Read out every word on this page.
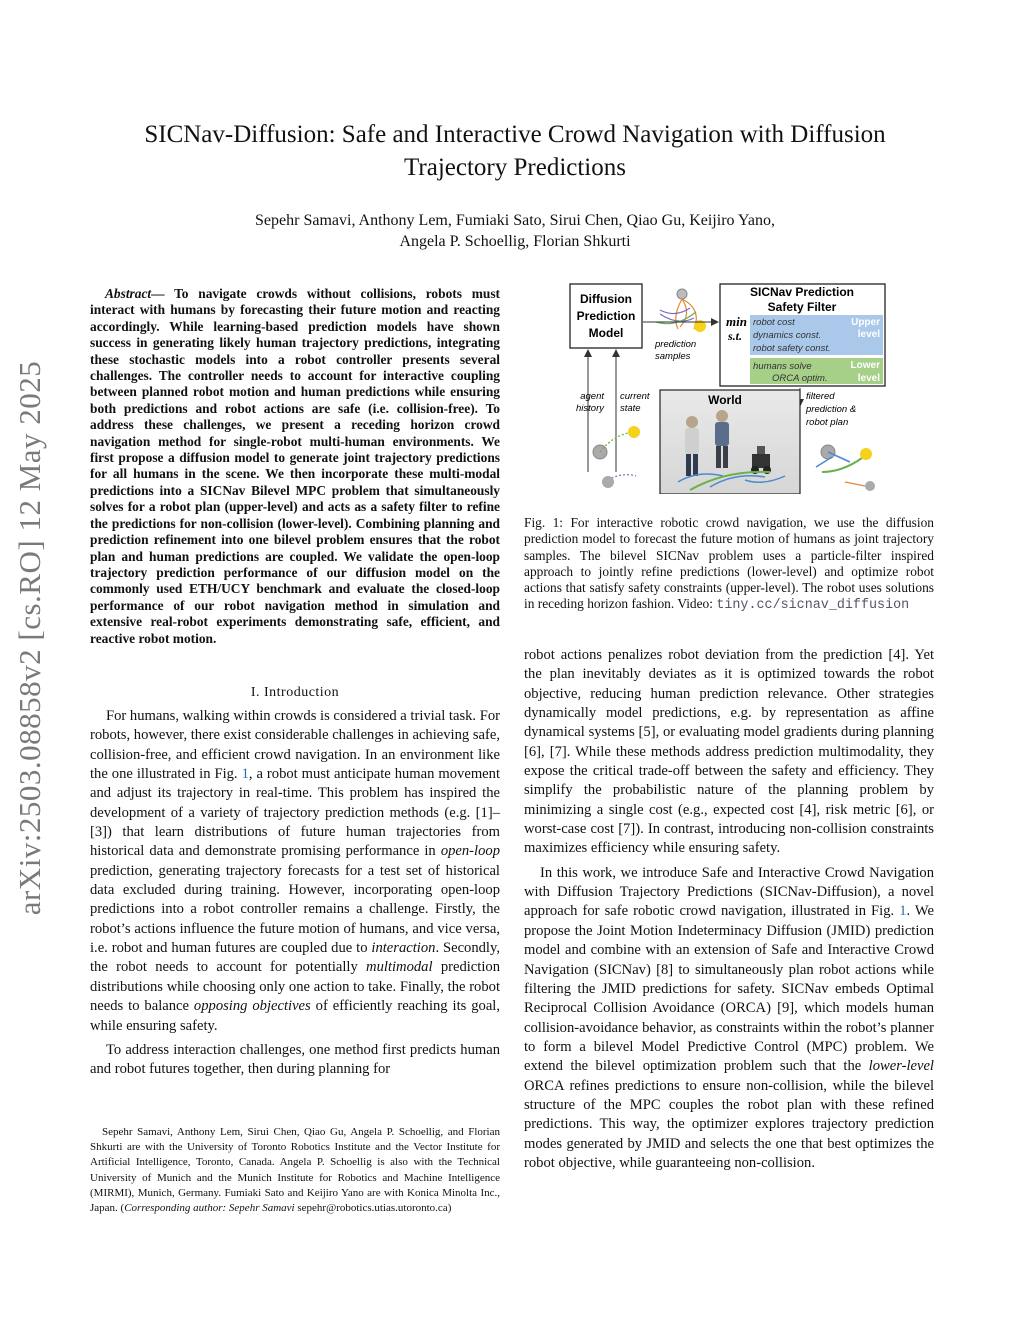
arXiv:2503.08858v2 [cs.RO] 12 May 2025
SICNav-Diffusion: Safe and Interactive Crowd Navigation with Diffusion Trajectory Predictions
Sepehr Samavi, Anthony Lem, Fumiaki Sato, Sirui Chen, Qiao Gu, Keijiro Yano,
Angela P. Schoellig, Florian Shkurti
Abstract— To navigate crowds without collisions, robots must interact with humans by forecasting their future motion and reacting accordingly. While learning-based prediction models have shown success in generating likely human trajectory predictions, integrating these stochastic models into a robot controller presents several challenges. The controller needs to account for interactive coupling between planned robot motion and human predictions while ensuring both predictions and robot actions are safe (i.e. collision-free). To address these challenges, we present a receding horizon crowd navigation method for single-robot multi-human environments. We first propose a diffusion model to generate joint trajectory predictions for all humans in the scene. We then incorporate these multi-modal predictions into a SICNav Bilevel MPC problem that simultaneously solves for a robot plan (upper-level) and acts as a safety filter to refine the predictions for non-collision (lower-level). Combining planning and prediction refinement into one bilevel problem ensures that the robot plan and human predictions are coupled. We validate the open-loop trajectory prediction performance of our diffusion model on the commonly used ETH/UCY benchmark and evaluate the closed-loop performance of our robot navigation method in simulation and extensive real-robot experiments demonstrating safe, efficient, and reactive robot motion.
I. Introduction

For humans, walking within crowds is considered a trivial task. For robots, however, there exist considerable challenges in achieving safe, collision-free, and efficient crowd navigation. In an environment like the one illustrated in Fig. 1, a robot must anticipate human movement and adjust its trajectory in real-time. This problem has inspired the development of a variety of trajectory prediction methods (e.g. [1]–[3]) that learn distributions of future human trajectories from historical data and demonstrate promising performance in open-loop prediction, generating trajectory forecasts for a test set of historical data excluded during training. However, incorporating open-loop predictions into a robot controller remains a challenge. Firstly, the robot’s actions influence the future motion of humans, and vice versa, i.e. robot and human futures are coupled due to interaction. Secondly, the robot needs to account for potentially multimodal prediction distributions while choosing only one action to take. Finally, the robot needs to balance opposing objectives of efficiently reaching its goal, while ensuring safety.

To address interaction challenges, one method first predicts human and robot futures together, then during planning for

Sepehr Samavi, Anthony Lem, Sirui Chen, Qiao Gu, Angela P. Schoellig, and Florian Shkurti are with the University of Toronto Robotics Institute and the Vector Institute for Artificial Intelligence, Toronto, Canada. Angela P. Schoellig is also with the Technical University of Munich and the Munich Institute for Robotics and Machine Intelligence (MIRMI), Munich, Germany. Fumiaki Sato and Keijiro Yano are with Konica Minolta Inc., Japan. (Corresponding author: Sepehr Samavi sepehr@robotics.utias.utoronto.ca)
Diffusion
Prediction
Model
prediction
samples
SICNav Prediction
Safety Filter
min
s.t.
robot cost
dynamics const.
robot safety const.
Upper
level
humans solve
ORCA optim.
Lower
level
agent
history
current
state
filtered
prediction &
robot plan
World
Fig. 1: For interactive robotic crowd navigation, we use the diffusion prediction model to forecast the future motion of humans as joint trajectory samples. The bilevel SICNav problem uses a particle-filter inspired approach to jointly refine predictions (lower-level) and optimize robot actions that satisfy safety constraints (upper-level). The robot uses solutions in receding horizon fashion. Video: tiny.cc/sicnav_diffusion

robot actions penalizes robot deviation from the prediction [4]. Yet the plan inevitably deviates as it is optimized towards the robot objective, reducing human prediction relevance. Other strategies dynamically model predictions, e.g. by representation as affine dynamical systems [5], or evaluating model gradients during planning [6], [7]. While these methods address prediction multimodality, they expose the critical trade-off between the safety and efficiency. They simplify the probabilistic nature of the planning problem by minimizing a single cost (e.g., expected cost [4], risk metric [6], or worst-case cost [7]). In contrast, introducing non-collision constraints maximizes efficiency while ensuring safety.

In this work, we introduce Safe and Interactive Crowd Navigation with Diffusion Trajectory Predictions (SICNav-Diffusion), a novel approach for safe robotic crowd navigation, illustrated in Fig. 1. We propose the Joint Motion Indeterminacy Diffusion (JMID) prediction model and combine with an extension of Safe and Interactive Crowd Navigation (SICNav) [8] to simultaneously plan robot actions while filtering the JMID predictions for safety. SICNav embeds Optimal Reciprocal Collision Avoidance (ORCA) [9], which models human collision-avoidance behavior, as constraints within the robot’s planner to form a bilevel Model Predictive Control (MPC) problem. We extend the bilevel optimization problem such that the lower-level ORCA refines predictions to ensure non-collision, while the bilevel structure of the MPC couples the robot plan with these refined predictions. This way, the optimizer explores trajectory prediction modes generated by JMID and selects the one that best optimizes the robot objective, while guaranteeing non-collision.
